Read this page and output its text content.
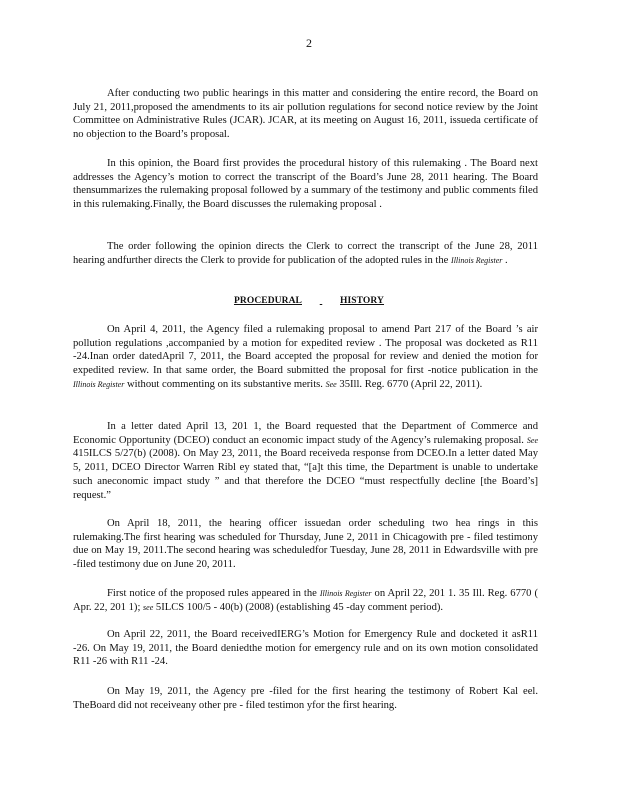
2

After conducting two public hearings in this matter and considering the entire record, the Board on July 21, 2011,proposed the amendments to its air pollution regulations for second notice review by the Joint Committee on Administrative Rules (JCAR). JCAR, at its meeting on August 16, 2011, issueda certificate of no objection to the Board’s proposal.

In this opinion, the Board first provides the procedural history of this rulemaking . The Board next addresses the Agency’s motion to correct the transcript of the Board’s June 28, 2011 hearing. The Board thensummarizes the rulemaking proposal followed by a summary of the testimony and public comments filed in this rulemaking.Finally, the Board discusses the rulemaking proposal .

The order following the opinion directs the Clerk to correct the transcript of the June 28, 2011 hearing andfurther directs the Clerk to provide for publication of the adopted rules in the Illinois Register .

PROCEDURAL	HISTORY

On April 4, 2011, the Agency filed a rulemaking proposal to amend Part 217 of the Board ’s air pollution regulations ,accompanied by a motion for expedited review . The proposal was docketed as R11 -24.Inan order datedApril 7, 2011, the Board accepted the proposal for review and denied the motion for expedited review. In that same order, the Board submitted the proposal for first -notice publication in the Illinois Register without commenting on its substantive merits. See 35Ill. Reg. 6770 (April 22, 2011).

In a letter dated April 13, 201 1, the Board requested that the Department of Commerce and Economic Opportunity (DCEO) conduct an economic impact study of the Agency’s rulemaking proposal. See 415ILCS 5/27(b) (2008). On May 23, 2011, the Board receiveda response from DCEO.In a letter dated May 5, 2011, DCEO Director Warren Ribl ey stated that, “[a]t this time, the Department is unable to undertake such aneconomic impact study ” and that therefore the DCEO “must respectfully decline [the Board’s] request.”

On April 18, 2011, the hearing officer issuedan order scheduling two hea rings in this rulemaking.The first hearing was scheduled for Thursday, June 2, 2011 in Chicagowith pre - filed testimony due on May 19, 2011.The second hearing was scheduledfor Tuesday, June 28, 2011 in Edwardsville with pre -filed testimony due on June 20, 2011.

First notice of the proposed rules appeared in the Illinois Register on April 22, 201 1. 35 Ill. Reg. 6770 ( Apr. 22, 201 1); see 5ILCS 100/5 - 40(b) (2008) (establishing 45 -day comment period).

On April 22, 2011, the Board receivedIERG’s Motion for Emergency Rule and docketed it asR11 -26. On May 19, 2011, the Board deniedthe motion for emergency rule and on its own motion consolidated R11 -26 with R11 -24.

On May 19, 2011, the Agency pre -filed for the first hearing the testimony of Robert Kal eel. TheBoard did not receiveany other pre - filed testimon yfor the first hearing.
